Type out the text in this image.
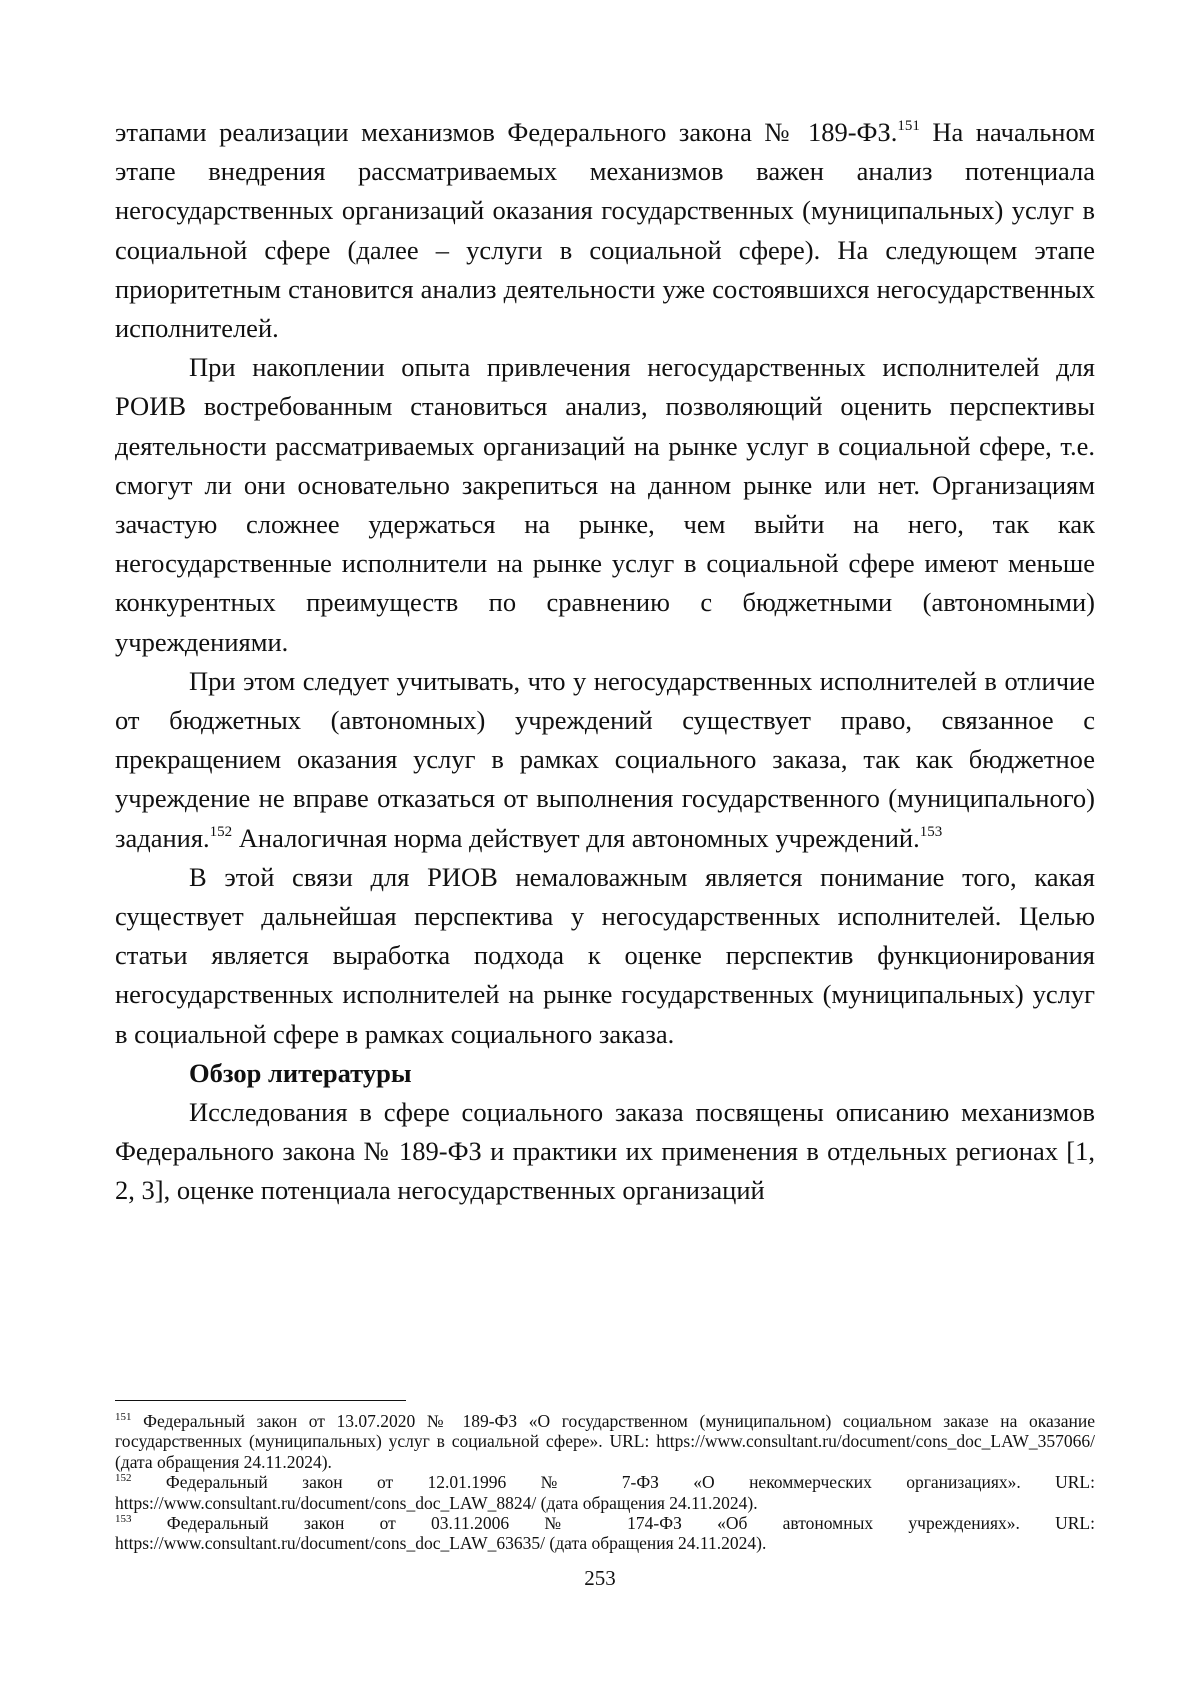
этапами реализации механизмов Федерального закона № 189-ФЗ.$^{151}$ На начальном этапе внедрения рассматриваемых механизмов важен анализ потенциала негосударственных организаций оказания государственных (муниципальных) услуг в социальной сфере (далее – услуги в социальной сфере). На следующем этапе приоритетным становится анализ деятельности уже состоявшихся негосударственных исполнителей.

При накоплении опыта привлечения негосударственных исполнителей для РОИВ востребованным становиться анализ, позволяющий оценить перспективы деятельности рассматриваемых организаций на рынке услуг в социальной сфере, т.е. смогут ли они основательно закрепиться на данном рынке или нет. Организациям зачастую сложнее удержаться на рынке, чем выйти на него, так как негосударственные исполнители на рынке услуг в социальной сфере имеют меньше конкурентных преимуществ по сравнению с бюджетными (автономными) учреждениями.

При этом следует учитывать, что у негосударственных исполнителей в отличие от бюджетных (автономных) учреждений существует право, связанное с прекращением оказания услуг в рамках социального заказа, так как бюджетное учреждение не вправе отказаться от выполнения государственного (муниципального) задания.$^{152}$ Аналогичная норма действует для автономных учреждений.$^{153}$

В этой связи для РИОВ немаловажным является понимание того, какая существует дальнейшая перспектива у негосударственных исполнителей. Целью статьи является выработка подхода к оценке перспектив функционирования негосударственных исполнителей на рынке государственных (муниципальных) услуг в социальной сфере в рамках социального заказа.

Обзор литературы

Исследования в сфере социального заказа посвящены описанию механизмов Федерального закона № 189-ФЗ и практики их применения в отдельных регионах [1, 2, 3], оценке потенциала негосударственных организаций

$^{151}$ Федеральный закон от 13.07.2020 № 189-ФЗ «О государственном (муниципальном) социальном заказе на оказание государственных (муниципальных) услуг в социальной сфере». URL: https://www.consultant.ru/document/cons_doc_LAW_357066/ (дата обращения 24.11.2024).

$^{152}$ Федеральный закон от 12.01.1996 № 7-ФЗ «О некоммерческих организациях». URL: https://www.consultant.ru/document/cons_doc_LAW_8824/ (дата обращения 24.11.2024).

$^{153}$ Федеральный закон от 03.11.2006 № 174-ФЗ «Об автономных учреждениях». URL: https://www.consultant.ru/document/cons_doc_LAW_63635/ (дата обращения 24.11.2024).

253
